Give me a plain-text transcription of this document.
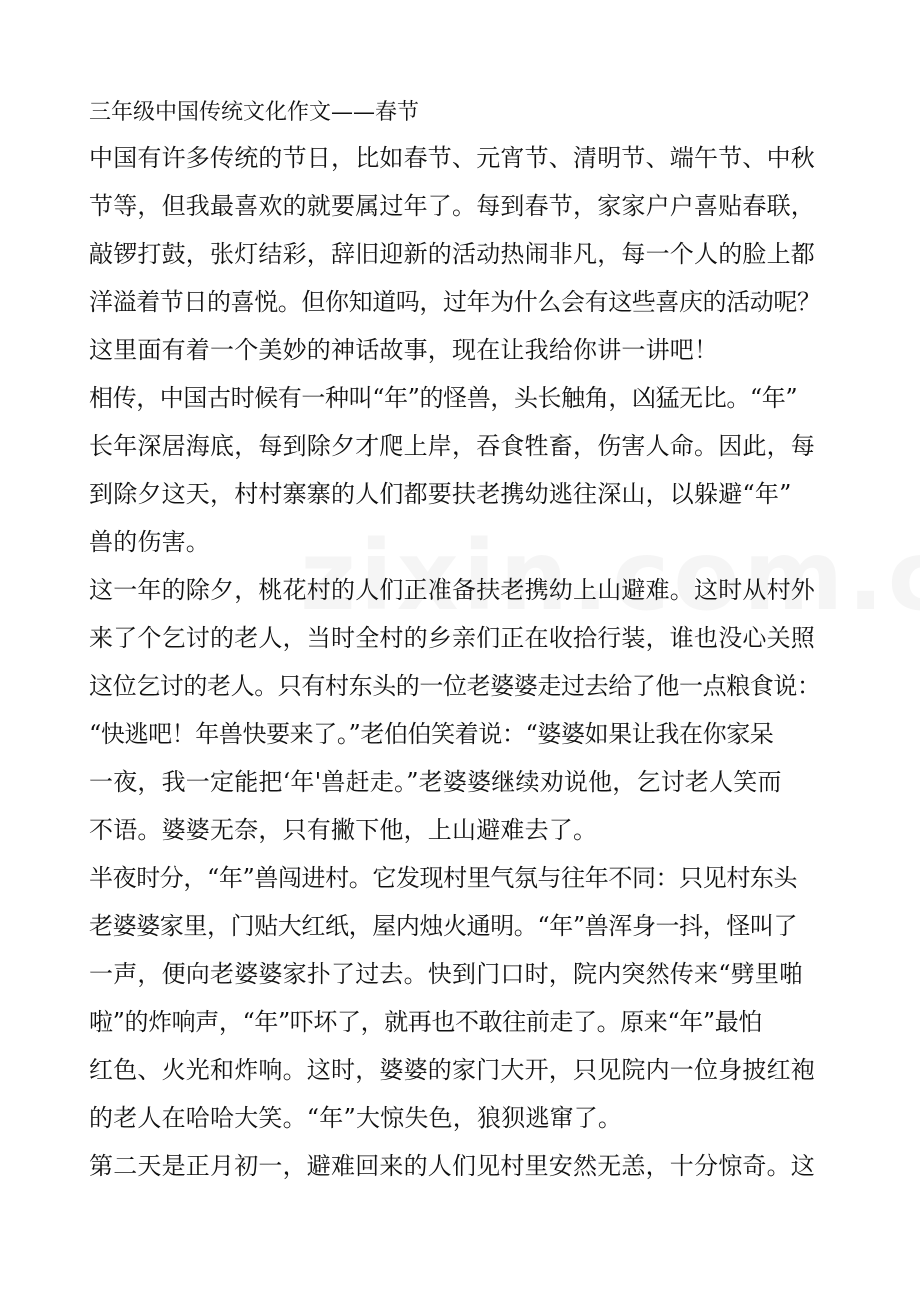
三年级中国传统文化作文——春节

中国有许多传统的节日，比如春节、元宵节、清明节、端午节、中秋

节等，但我最喜欢的就要属过年了。每到春节，家家户户喜贴春联，

敲锣打鼓，张灯结彩，辞旧迎新的活动热闹非凡，每一个人的脸上都

洋溢着节日的喜悦。但你知道吗，过年为什么会有这些喜庆的活动呢？

这里面有着一个美妙的神话故事，现在让我给你讲一讲吧！

相传，中国古时候有一种叫“年”的怪兽，头长触角，凶猛无比。“年”

长年深居海底，每到除夕才爬上岸，吞食牲畜，伤害人命。因此，每

到除夕这天，村村寨寨的人们都要扶老携幼逃往深山，以躲避“年”

兽的伤害。

这一年的除夕，桃花村的人们正准备扶老携幼上山避难。这时从村外

来了个乞讨的老人，当时全村的乡亲们正在收拾行装，谁也没心关照

这位乞讨的老人。只有村东头的一位老婆婆走过去给了他一点粮食说：

“快逃吧！年兽快要来了。”老伯伯笑着说：“婆婆如果让我在你家呆

一夜，我一定能把‘年'兽赶走。”老婆婆继续劝说他，乞讨老人笑而

不语。婆婆无奈，只有撇下他，上山避难去了。

半夜时分，“年”兽闯进村。它发现村里气氛与往年不同：只见村东头

老婆婆家里，门贴大红纸，屋内烛火通明。“年”兽浑身一抖，怪叫了

一声，便向老婆婆家扑了过去。快到门口时，院内突然传来“劈里啪

啦”的炸响声，“年”吓坏了，就再也不敢往前走了。原来“年”最怕

红色、火光和炸响。这时，婆婆的家门大开，只见院内一位身披红袍

的老人在哈哈大笑。“年”大惊失色，狼狈逃窜了。

第二天是正月初一，避难回来的人们见村里安然无恙，十分惊奇。这
